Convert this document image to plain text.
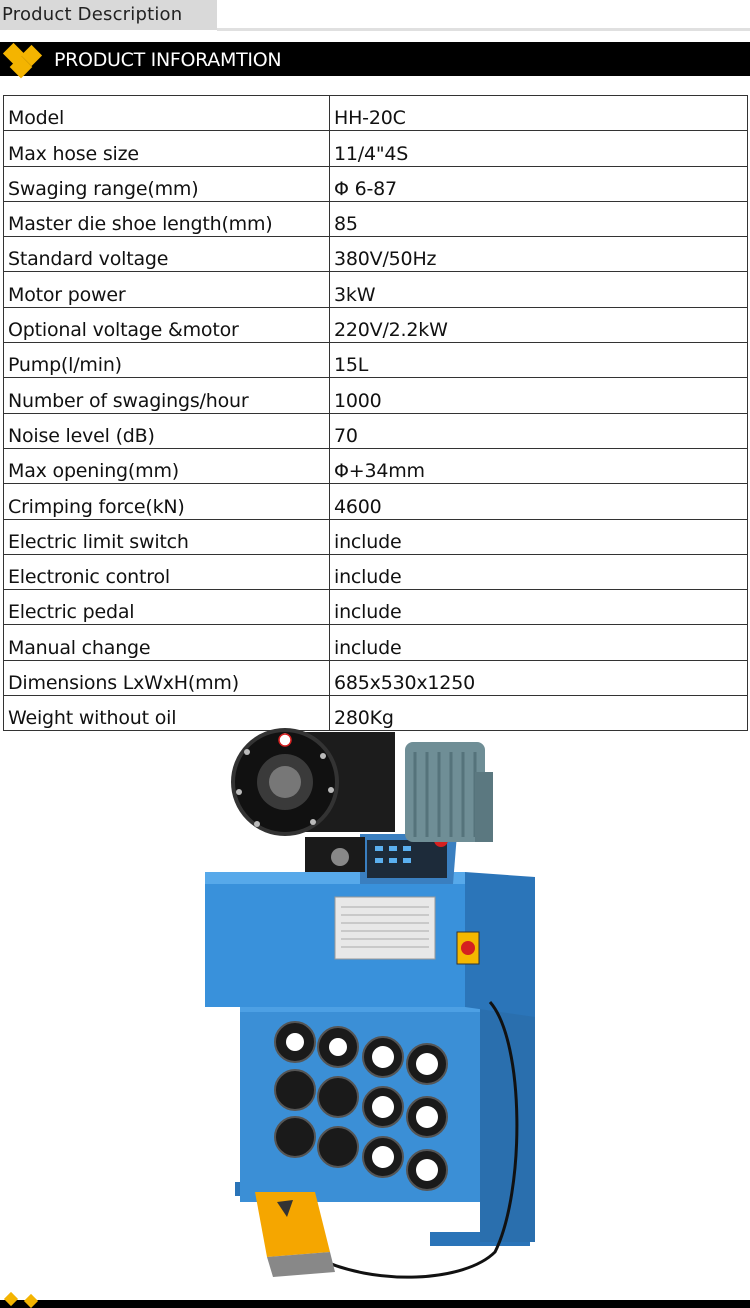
Product Description
PRODUCT INFORAMTION
Model	HH-20C
Max hose size	11/4"4S
Swaging range(mm)	Φ 6-87
Master die shoe length(mm)	85
Standard voltage	380V/50Hz
Motor power	3kW
Optional voltage &motor	220V/2.2kW
Pump(l/min)	15L
Number of swagings/hour	1000
Noise level (dB)	70
Max opening(mm)	Φ+34mm
Crimping force(kN)	4600
Electric limit switch	include
Electronic control	include
Electric pedal	include
Manual change	include
Dimensions LxWxH(mm)	685x530x1250
Weight without oil	280Kg
